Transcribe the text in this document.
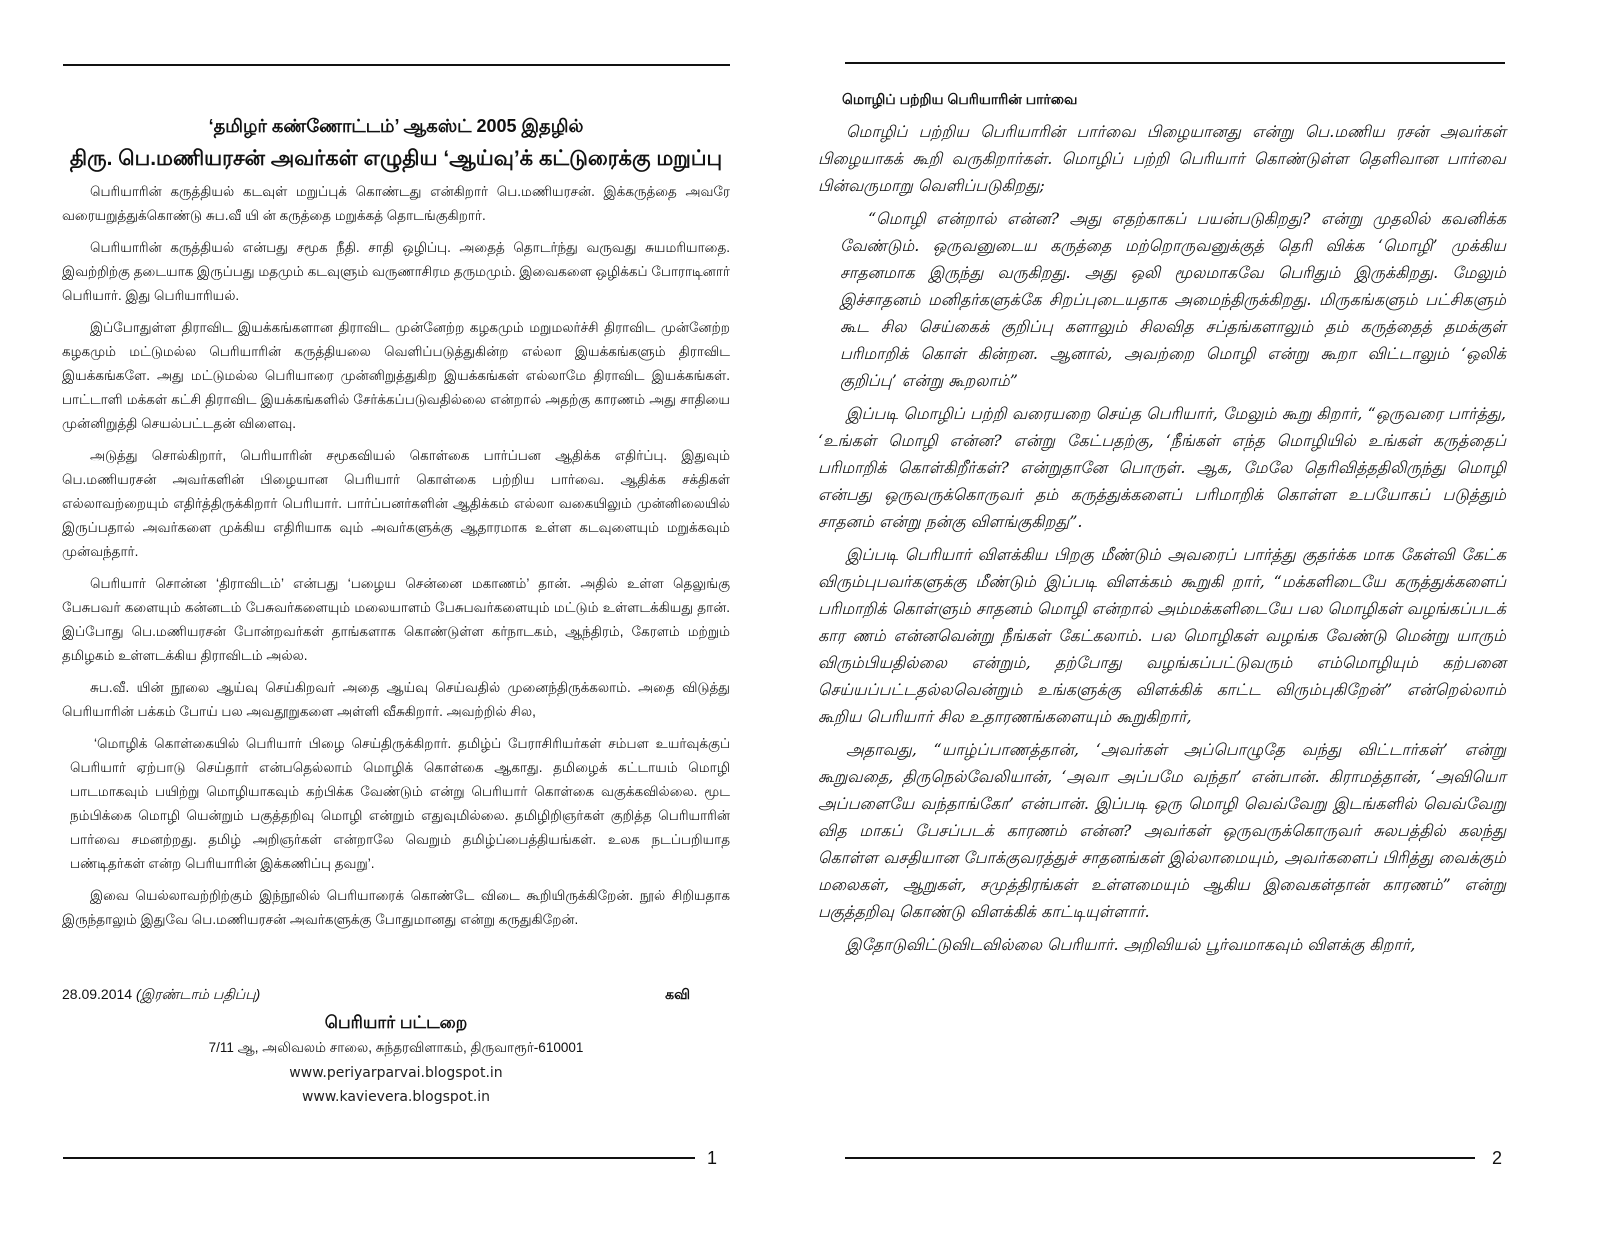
‘தமிழர் கண்ணோட்டம்’ ஆகஸ்ட் 2005 இதழில்
திரு. பெ.மணியரசன் அவர்கள் எழுதிய ‘ஆய்வு’க் கட்டுரைக்கு மறுப்பு

பெரியாரின் கருத்தியல் கடவுள் மறுப்புக் கொண்டது என்கிறார் பெ.மணியரசன். இக்கருத்தை அவரே வரையறுத்துக்கொண்டு சுப.வீ யி ன் கருத்தை மறுக்கத் தொடங்குகிறார்.

பெரியாரின் கருத்தியல் என்பது சமூக நீதி. சாதி ஒழிப்பு. அதைத் தொடர்ந்து வருவது சுயமரியாதை. இவற்றிற்கு தடையாக இருப்பது மதமும் கடவுளும் வருணாசிரம தருமமும். இவைகளை ஒழிக்கப் போராடினார் பெரியார். இது பெரியாரியல்.

இப்போதுள்ள திராவிட இயக்கங்களான திராவிட முன்னேற்ற கழகமும் மறுமலர்ச்சி திராவிட முன்னேற்ற கழகமும் மட்டுமல்ல பெரியாரின் கருத்தியலை வெளிப்படுத்துகின்ற எல்லா இயக்கங்களும் திராவிட இயக்கங்களே. அது மட்டுமல்ல பெரியாரை முன்னிறுத்துகிற இயக்கங்கள் எல்லாமே திராவிட இயக்கங்கள். பாட்டாளி மக்கள் கட்சி திராவிட இயக்கங்களில் சேர்க்கப்படுவதில்லை என்றால் அதற்கு காரணம் அது சாதியை முன்னிறுத்தி செயல்பட்டதன் விளைவு.

அடுத்து சொல்கிறார், பெரியாரின் சமூகவியல் கொள்கை பார்ப்பன ஆதிக்க எதிர்ப்பு. இதுவும் பெ.மணியரசன் அவர்களின் பிழையான பெரியார் கொள்கை பற்றிய பார்வை. ஆதிக்க சக்திகள் எல்லாவற்றையும் எதிர்த்திருக்கிறார் பெரியார். பார்ப்பனர்களின் ஆதிக்கம் எல்லா வகையிலும் முன்னிலையில் இருப்பதால் அவர்களை முக்கிய எதிரியாக வும் அவர்களுக்கு ஆதாரமாக உள்ள கடவுளையும் மறுக்கவும் முன்வந்தார்.

பெரியார் சொன்ன ‘திராவிடம்’ என்பது ‘பழைய சென்னை மகாணம்’ தான். அதில் உள்ள தெலுங்கு பேசுபவர் களையும் கன்னடம் பேசுவர்களையும் மலையாளம் பேசுபவர்களையும் மட்டும் உள்ளடக்கியது தான். இப்போது பெ.மணியரசன் போன்றவர்கள் தாங்களாக கொண்டுள்ள கர்நாடகம், ஆந்திரம், கேரளம் மற்றும் தமிழகம் உள்ளடக்கிய திராவிடம் அல்ல.

சுப.வீ. யின் நூலை ஆய்வு செய்கிறவர் அதை ஆய்வு செய்வதில் முனைந்திருக்கலாம். அதை விடுத்து பெரியாரின் பக்கம் போய் பல அவதூறுகளை அள்ளி வீசுகிறார். அவற்றில் சில,

‘மொழிக் கொள்கையில் பெரியார் பிழை செய்திருக்கிறார். தமிழ்ப் பேராசிரியர்கள் சம்பள உயர்வுக்குப் பெரியார் ஏற்பாடு செய்தார் என்பதெல்லாம் மொழிக் கொள்கை ஆகாது. தமிழைக் கட்டாயம் மொழி பாடமாகவும் பயிற்று மொழியாகவும் கற்பிக்க வேண்டும் என்று பெரியார் கொள்கை வகுக்கவில்லை. மூட நம்பிக்கை மொழி யென்றும் பகுத்தறிவு மொழி என்றும் எதுவுமில்லை. தமிழிறிஞர்கள் குறித்த பெரியாரின் பார்வை சமனற்றது. தமிழ் அறிஞர்கள் என்றாலே வெறும் தமிழ்ப்பைத்தியங்கள். உலக நடப்பறியாத பண்டிதர்கள் என்ற பெரியாரின் இக்கணிப்பு தவறு’.

இவை யெல்லாவற்றிற்கும் இந்நூலில் பெரியாரைக் கொண்டே விடை கூறியிருக்கிறேன். நூல் சிறியதாக இருந்தாலும் இதுவே பெ.மணியரசன் அவர்களுக்கு போதுமானது என்று கருதுகிறேன்.

28.09.2014 (இரண்டாம் பதிப்பு)	கவி
பெரியார் பட்டறை
7/11 ஆ, அலிவலம் சாலை, சுந்தரவிளாகம், திருவாரூர்-610001
www.periyarparvai.blogspot.in
www.kavievera.blogspot.in
மொழிப் பற்றிய பெரியாரின் பார்வை

மொழிப் பற்றிய பெரியாரின் பார்வை பிழையானது என்று பெ.மணிய ரசன் அவர்கள் பிழையாகக் கூறி வருகிறார்கள். மொழிப் பற்றி பெரியார் கொண்டுள்ள தெளிவான பார்வை பின்வருமாறு வெளிப்படுகிறது;

“மொழி என்றால் என்ன? அது எதற்காகப் பயன்படுகிறது? என்று முதலில் கவனிக்க வேண்டும். ஒருவனுடைய கருத்தை மற்றொருவனுக்குத் தெரி விக்க ‘மொழி’ முக்கிய சாதனமாக இருந்து வருகிறது. அது ஒலி மூலமாகவே பெரிதும் இருக்கிறது. மேலும் இச்சாதனம் மனிதர்களுக்கே சிறப்புடையதாக அமைந்திருக்கிறது. மிருகங்களும் பட்சிகளும் கூட சில செய்கைக் குறிப்பு களாலும் சிலவித சப்தங்களாலும் தம் கருத்தைத் தமக்குள் பரிமாறிக் கொள் கின்றன. ஆனால், அவற்றை மொழி என்று கூறா விட்டாலும் ‘ஒலிக் குறிப்பு’ என்று கூறலாம்”

இப்படி மொழிப் பற்றி வரையறை செய்த பெரியார், மேலும் கூறு கிறார், “ஒருவரை பார்த்து, ‘உங்கள் மொழி என்ன? என்று கேட்பதற்கு, ‘நீங்கள் எந்த மொழியில் உங்கள் கருத்தைப் பரிமாறிக் கொள்கிறீர்கள்? என்றுதானே பொருள். ஆக, மேலே தெரிவித்ததிலிருந்து மொழி என்பது ஒருவருக்கொருவர் தம் கருத்துக்களைப் பரிமாறிக் கொள்ள உபயோகப் படுத்தும் சாதனம் என்று நன்கு விளங்குகிறது”.

இப்படி பெரியார் விளக்கிய பிறகு மீண்டும் அவரைப் பார்த்து குதர்க்க மாக கேள்வி கேட்க விரும்புபவர்களுக்கு மீண்டும் இப்படி விளக்கம் கூறுகி றார், “மக்களிடையே கருத்துக்களைப் பரிமாறிக் கொள்ளும் சாதனம் மொழி என்றால் அம்மக்களிடையே பல மொழிகள் வழங்கப்படக் கார ணம் என்னவென்று நீங்கள் கேட்கலாம். பல மொழிகள் வழங்க வேண்டு மென்று யாரும் விரும்பியதில்லை என்றும், தற்போது வழங்கப்பட்டுவரும் எம்மொழியும் கற்பனை செய்யப்பட்டதல்லவென்றும் உங்களுக்கு விளக்கிக் காட்ட விரும்புகிறேன்” என்றெல்லாம் கூறிய பெரியார் சில உதாரணங்களையும் கூறுகிறார்,

அதாவது, “யாழ்ப்பாணத்தான், ‘அவர்கள் அப்பொழுதே வந்து விட்டார்கள்’ என்று கூறுவதை, திருநெல்வேலியான், ‘அவா அப்பமே வந்தா’ என்பான். கிராமத்தான், ‘அவியொ அப்பளையே வந்தாங்கோ’ என்பான். இப்படி ஒரு மொழி வெவ்வேறு இடங்களில் வெவ்வேறு வித மாகப் பேசப்படக் காரணம் என்ன? அவர்கள் ஒருவருக்கொருவர் சுலபத்தில் கலந்து கொள்ள வசதியான போக்குவரத்துச் சாதனங்கள் இல்லாமையும், அவர்களைப் பிரித்து வைக்கும் மலைகள், ஆறுகள், சமுத்திரங்கள் உள்ளமையும் ஆகிய இவைகள்தான் காரணம்” என்று பகுத்தறிவு கொண்டு விளக்கிக் காட்டியுள்ளார்.

இதோடுவிட்டுவிடவில்லை பெரியார். அறிவியல் பூர்வமாகவும் விளக்கு கிறார்,

1	2
